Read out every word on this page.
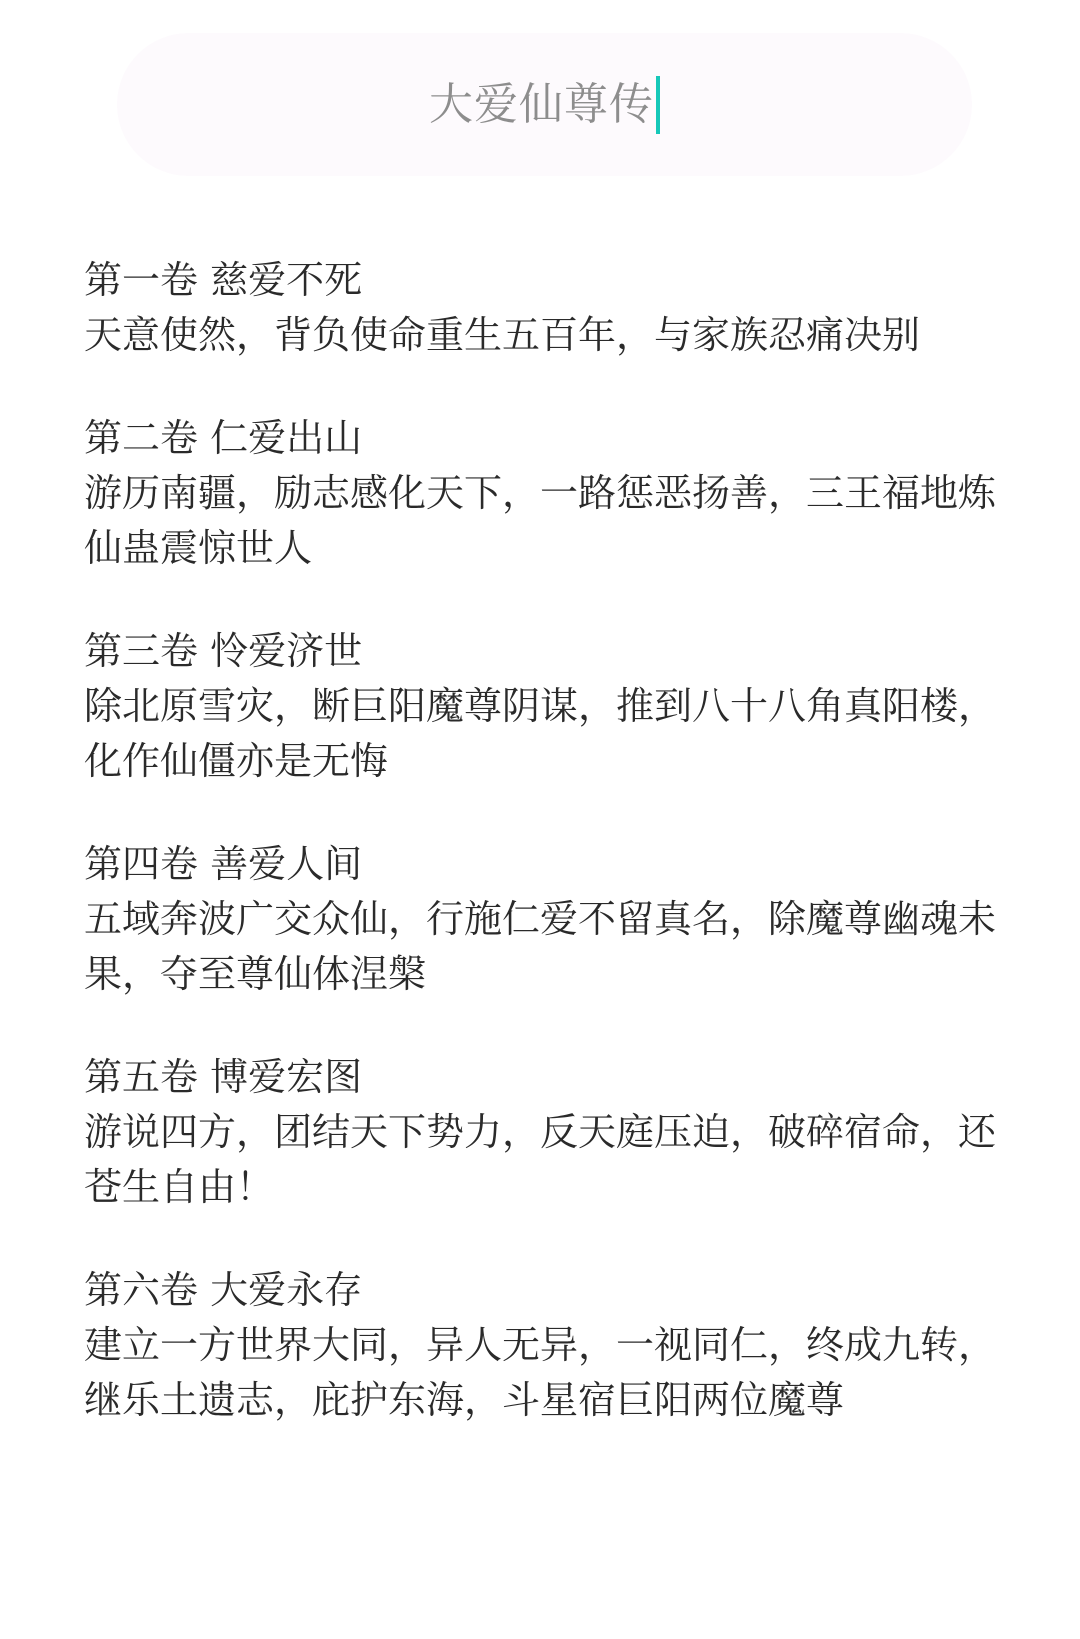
大爱仙尊传
第一卷 慈爱不死
天意使然，背负使命重生五百年，与家族忍痛决别
第二卷 仁爱出山
游历南疆，励志感化天下，一路惩恶扬善，三王福地炼仙蛊震惊世人
第三卷 怜爱济世
除北原雪灾，断巨阳魔尊阴谋，推到八十八角真阳楼，化作仙僵亦是无悔
第四卷 善爱人间
五域奔波广交众仙，行施仁爱不留真名，除魔尊幽魂未果，夺至尊仙体涅槃
第五卷 博爱宏图
游说四方，团结天下势力，反天庭压迫，破碎宿命，还苍生自由！
第六卷 大爱永存
建立一方世界大同，异人无异，一视同仁，终成九转，继乐土遗志，庇护东海，斗星宿巨阳两位魔尊
